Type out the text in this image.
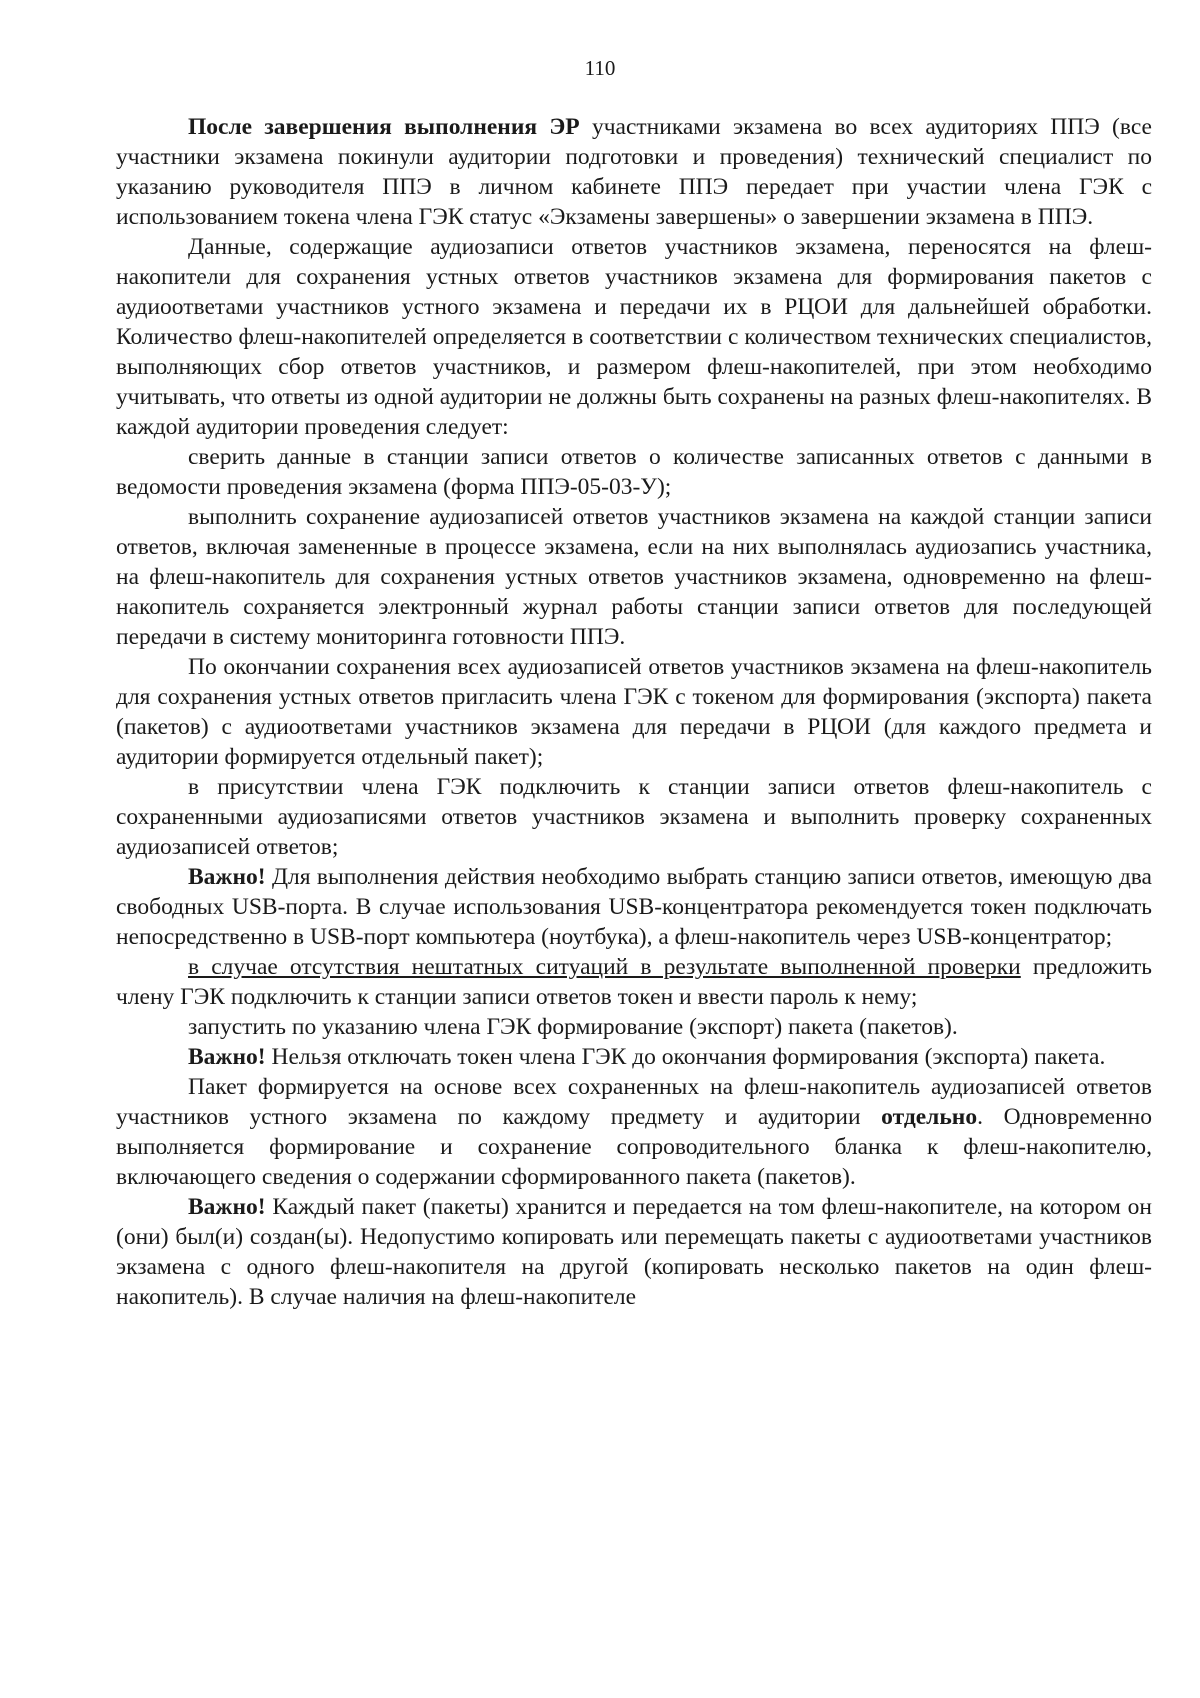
110

После завершения выполнения ЭР участниками экзамена во всех аудиториях ППЭ (все участники экзамена покинули аудитории подготовки и проведения) технический специалист по указанию руководителя ППЭ в личном кабинете ППЭ передает при участии члена ГЭК с использованием токена члена ГЭК статус «Экзамены завершены» о завершении экзамена в ППЭ.

Данные, содержащие аудиозаписи ответов участников экзамена, переносятся на флеш-накопители для сохранения устных ответов участников экзамена для формирования пакетов с аудиоответами участников устного экзамена и передачи их в РЦОИ для дальнейшей обработки. Количество флеш-накопителей определяется в соответствии с количеством технических специалистов, выполняющих сбор ответов участников, и размером флеш-накопителей, при этом необходимо учитывать, что ответы из одной аудитории не должны быть сохранены на разных флеш-накопителях. В каждой аудитории проведения следует:

сверить данные в станции записи ответов о количестве записанных ответов с данными в ведомости проведения экзамена (форма ППЭ-05-03-У);

выполнить сохранение аудиозаписей ответов участников экзамена на каждой станции записи ответов, включая замененные в процессе экзамена, если на них выполнялась аудиозапись участника, на флеш-накопитель для сохранения устных ответов участников экзамена, одновременно на флеш-накопитель сохраняется электронный журнал работы станции записи ответов для последующей передачи в систему мониторинга готовности ППЭ.

По окончании сохранения всех аудиозаписей ответов участников экзамена на флеш-накопитель для сохранения устных ответов пригласить члена ГЭК с токеном для формирования (экспорта) пакета (пакетов) с аудиоответами участников экзамена для передачи в РЦОИ (для каждого предмета и аудитории формируется отдельный пакет);

в присутствии члена ГЭК подключить к станции записи ответов флеш-накопитель с сохраненными аудиозаписями ответов участников экзамена и выполнить проверку сохраненных аудиозаписей ответов;

Важно! Для выполнения действия необходимо выбрать станцию записи ответов, имеющую два свободных USB-порта. В случае использования USB-концентратора рекомендуется токен подключать непосредственно в USB-порт компьютера (ноутбука), а флеш-накопитель через USB-концентратор;

в случае отсутствия нештатных ситуаций в результате выполненной проверки предложить члену ГЭК подключить к станции записи ответов токен и ввести пароль к нему;

запустить по указанию члена ГЭК формирование (экспорт) пакета (пакетов).

Важно! Нельзя отключать токен члена ГЭК до окончания формирования (экспорта) пакета.

Пакет формируется на основе всех сохраненных на флеш-накопитель аудиозаписей ответов участников устного экзамена по каждому предмету и аудитории отдельно. Одновременно выполняется формирование и сохранение сопроводительного бланка к флеш-накопителю, включающего сведения о содержании сформированного пакета (пакетов).

Важно! Каждый пакет (пакеты) хранится и передается на том флеш-накопителе, на котором он (они) был(и) создан(ы). Недопустимо копировать или перемещать пакеты с аудиоответами участников экзамена с одного флеш-накопителя на другой (копировать несколько пакетов на один флеш-накопитель). В случае наличия на флеш-накопителе
